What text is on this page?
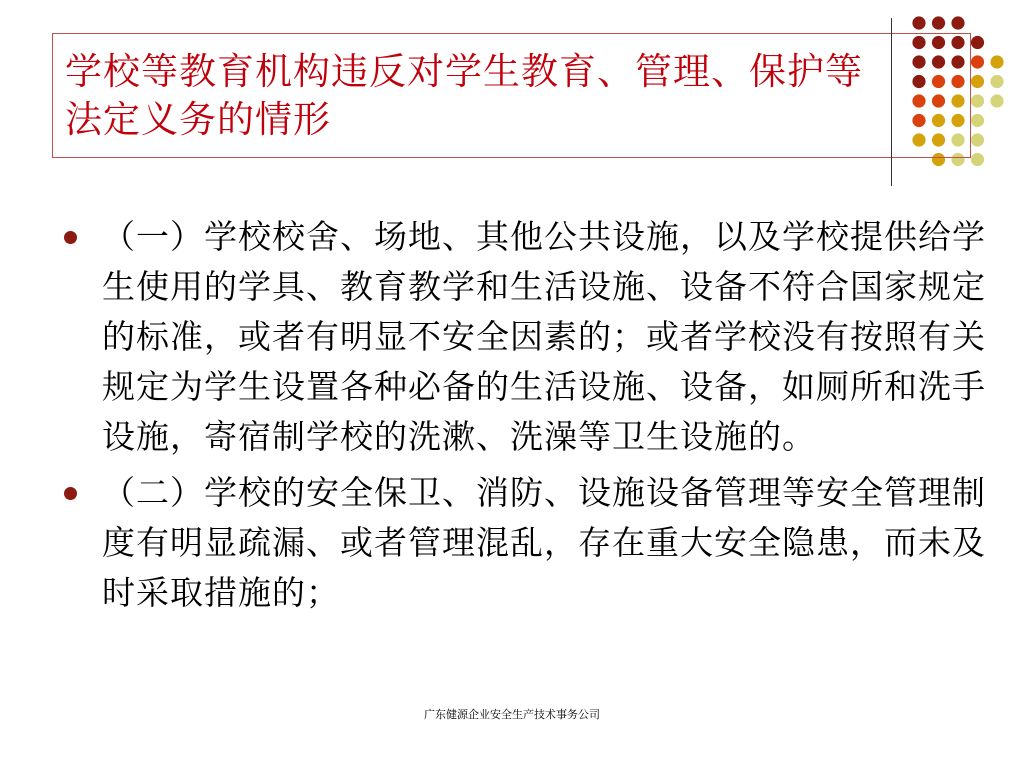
学校等教育机构违反对学生教育、管理、保护等法定义务的情形
（一）学校校舍、场地、其他公共设施，以及学校提供给学生使用的学具、教育教学和生活设施、设备不符合国家规定的标准，或者有明显不安全因素的；或者学校没有按照有关规定为学生设置各种必备的生活设施、设备，如厕所和洗手设施，寄宿制学校的洗漱、洗澡等卫生设施的。
（二）学校的安全保卫、消防、设施设备管理等安全管理制度有明显疏漏、或者管理混乱，存在重大安全隐患，而未及时采取措施的；
广东健源企业安全生产技术事务公司
